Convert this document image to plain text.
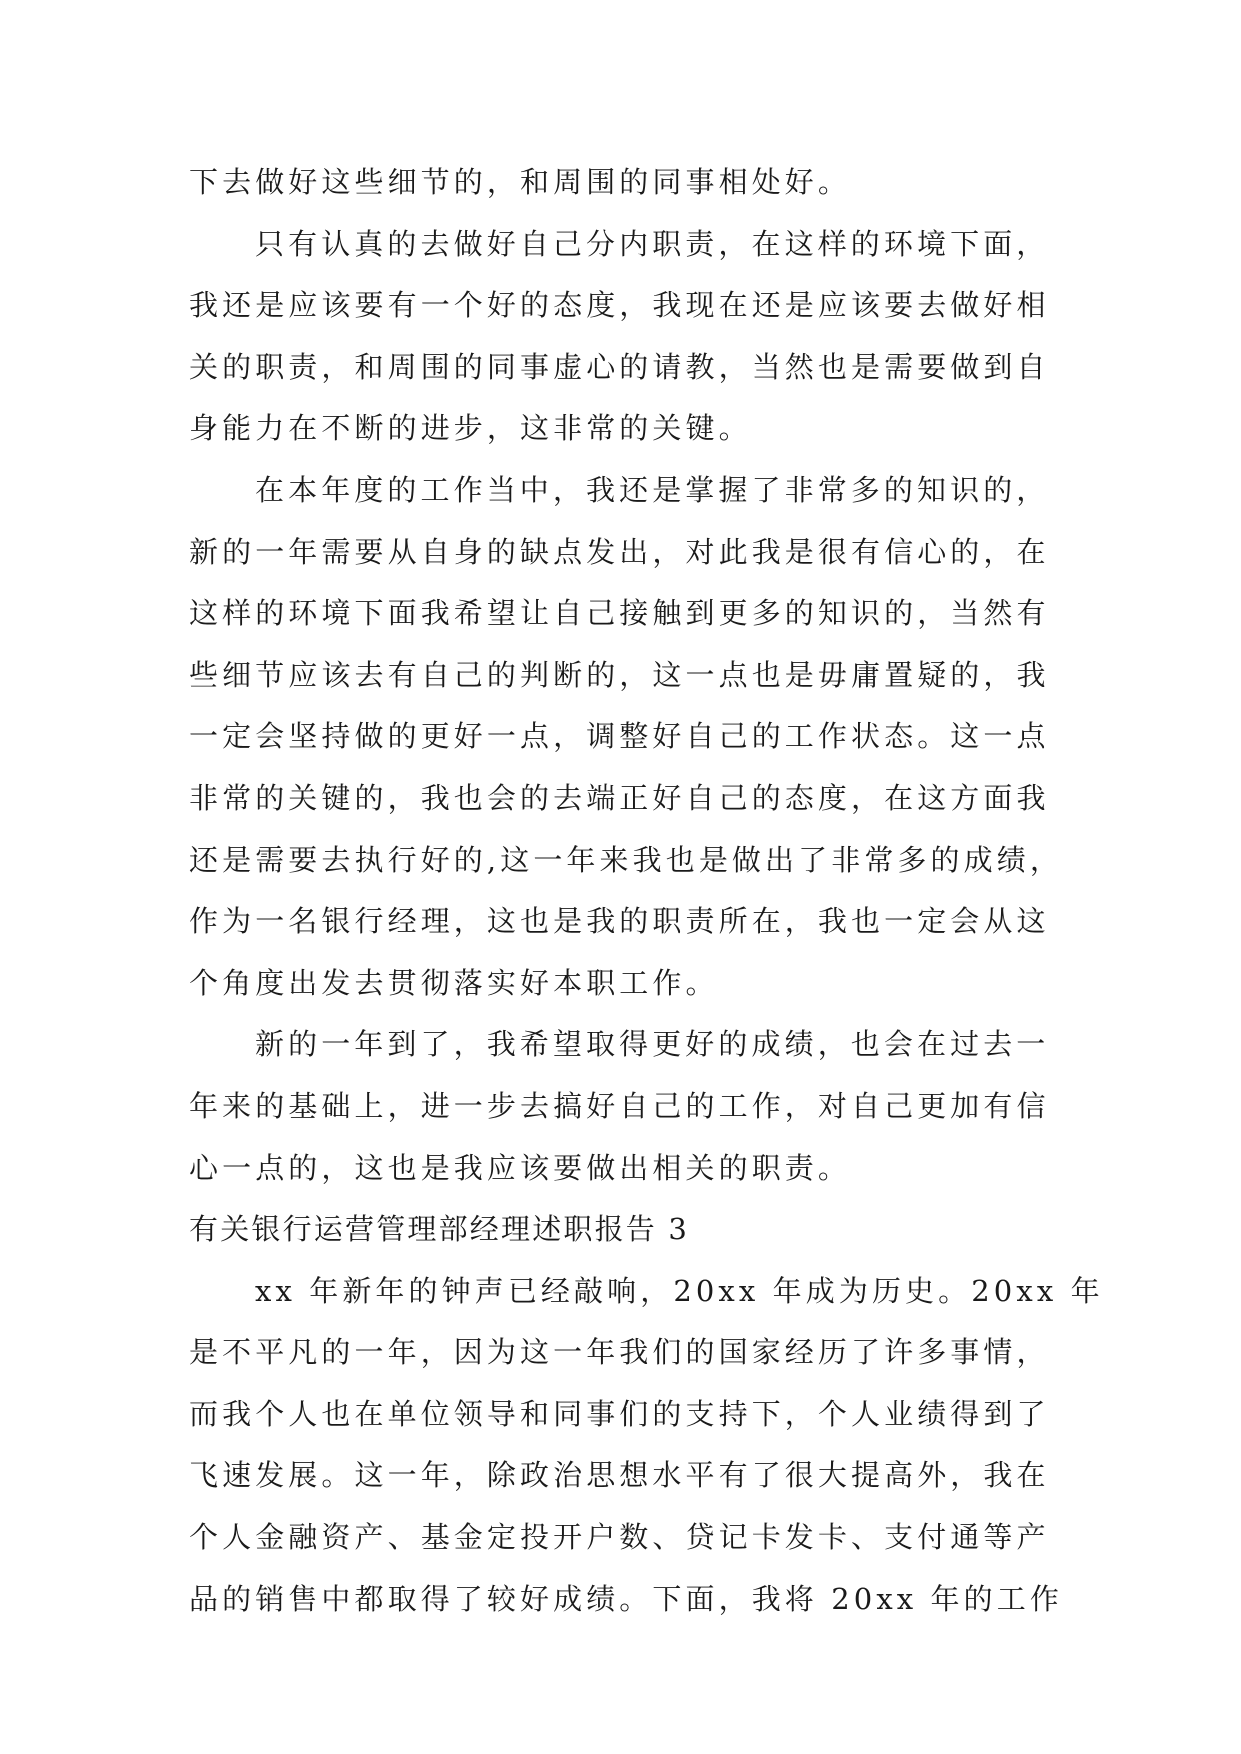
下去做好这些细节的，和周围的同事相处好。
只有认真的去做好自己分内职责，在这样的环境下面，
我还是应该要有一个好的态度，我现在还是应该要去做好相
关的职责，和周围的同事虚心的请教，当然也是需要做到自
身能力在不断的进步，这非常的关键。
在本年度的工作当中，我还是掌握了非常多的知识的，
新的一年需要从自身的缺点发出，对此我是很有信心的，在
这样的环境下面我希望让自己接触到更多的知识的，当然有
些细节应该去有自己的判断的，这一点也是毋庸置疑的，我
一定会坚持做的更好一点，调整好自己的工作状态。这一点
非常的关键的，我也会的去端正好自己的态度，在这方面我
还是需要去执行好的,这一年来我也是做出了非常多的成绩，
作为一名银行经理，这也是我的职责所在，我也一定会从这
个角度出发去贯彻落实好本职工作。
新的一年到了，我希望取得更好的成绩，也会在过去一
年来的基础上，进一步去搞好自己的工作，对自己更加有信
心一点的，这也是我应该要做出相关的职责。
有关银行运营管理部经理述职报告 3
xx 年新年的钟声已经敲响，20xx 年成为历史。20xx 年
是不平凡的一年，因为这一年我们的国家经历了许多事情，
而我个人也在单位领导和同事们的支持下，个人业绩得到了
飞速发展。这一年，除政治思想水平有了很大提高外，我在
个人金融资产、基金定投开户数、贷记卡发卡、支付通等产
品的销售中都取得了较好成绩。下面，我将 20xx 年的工作
